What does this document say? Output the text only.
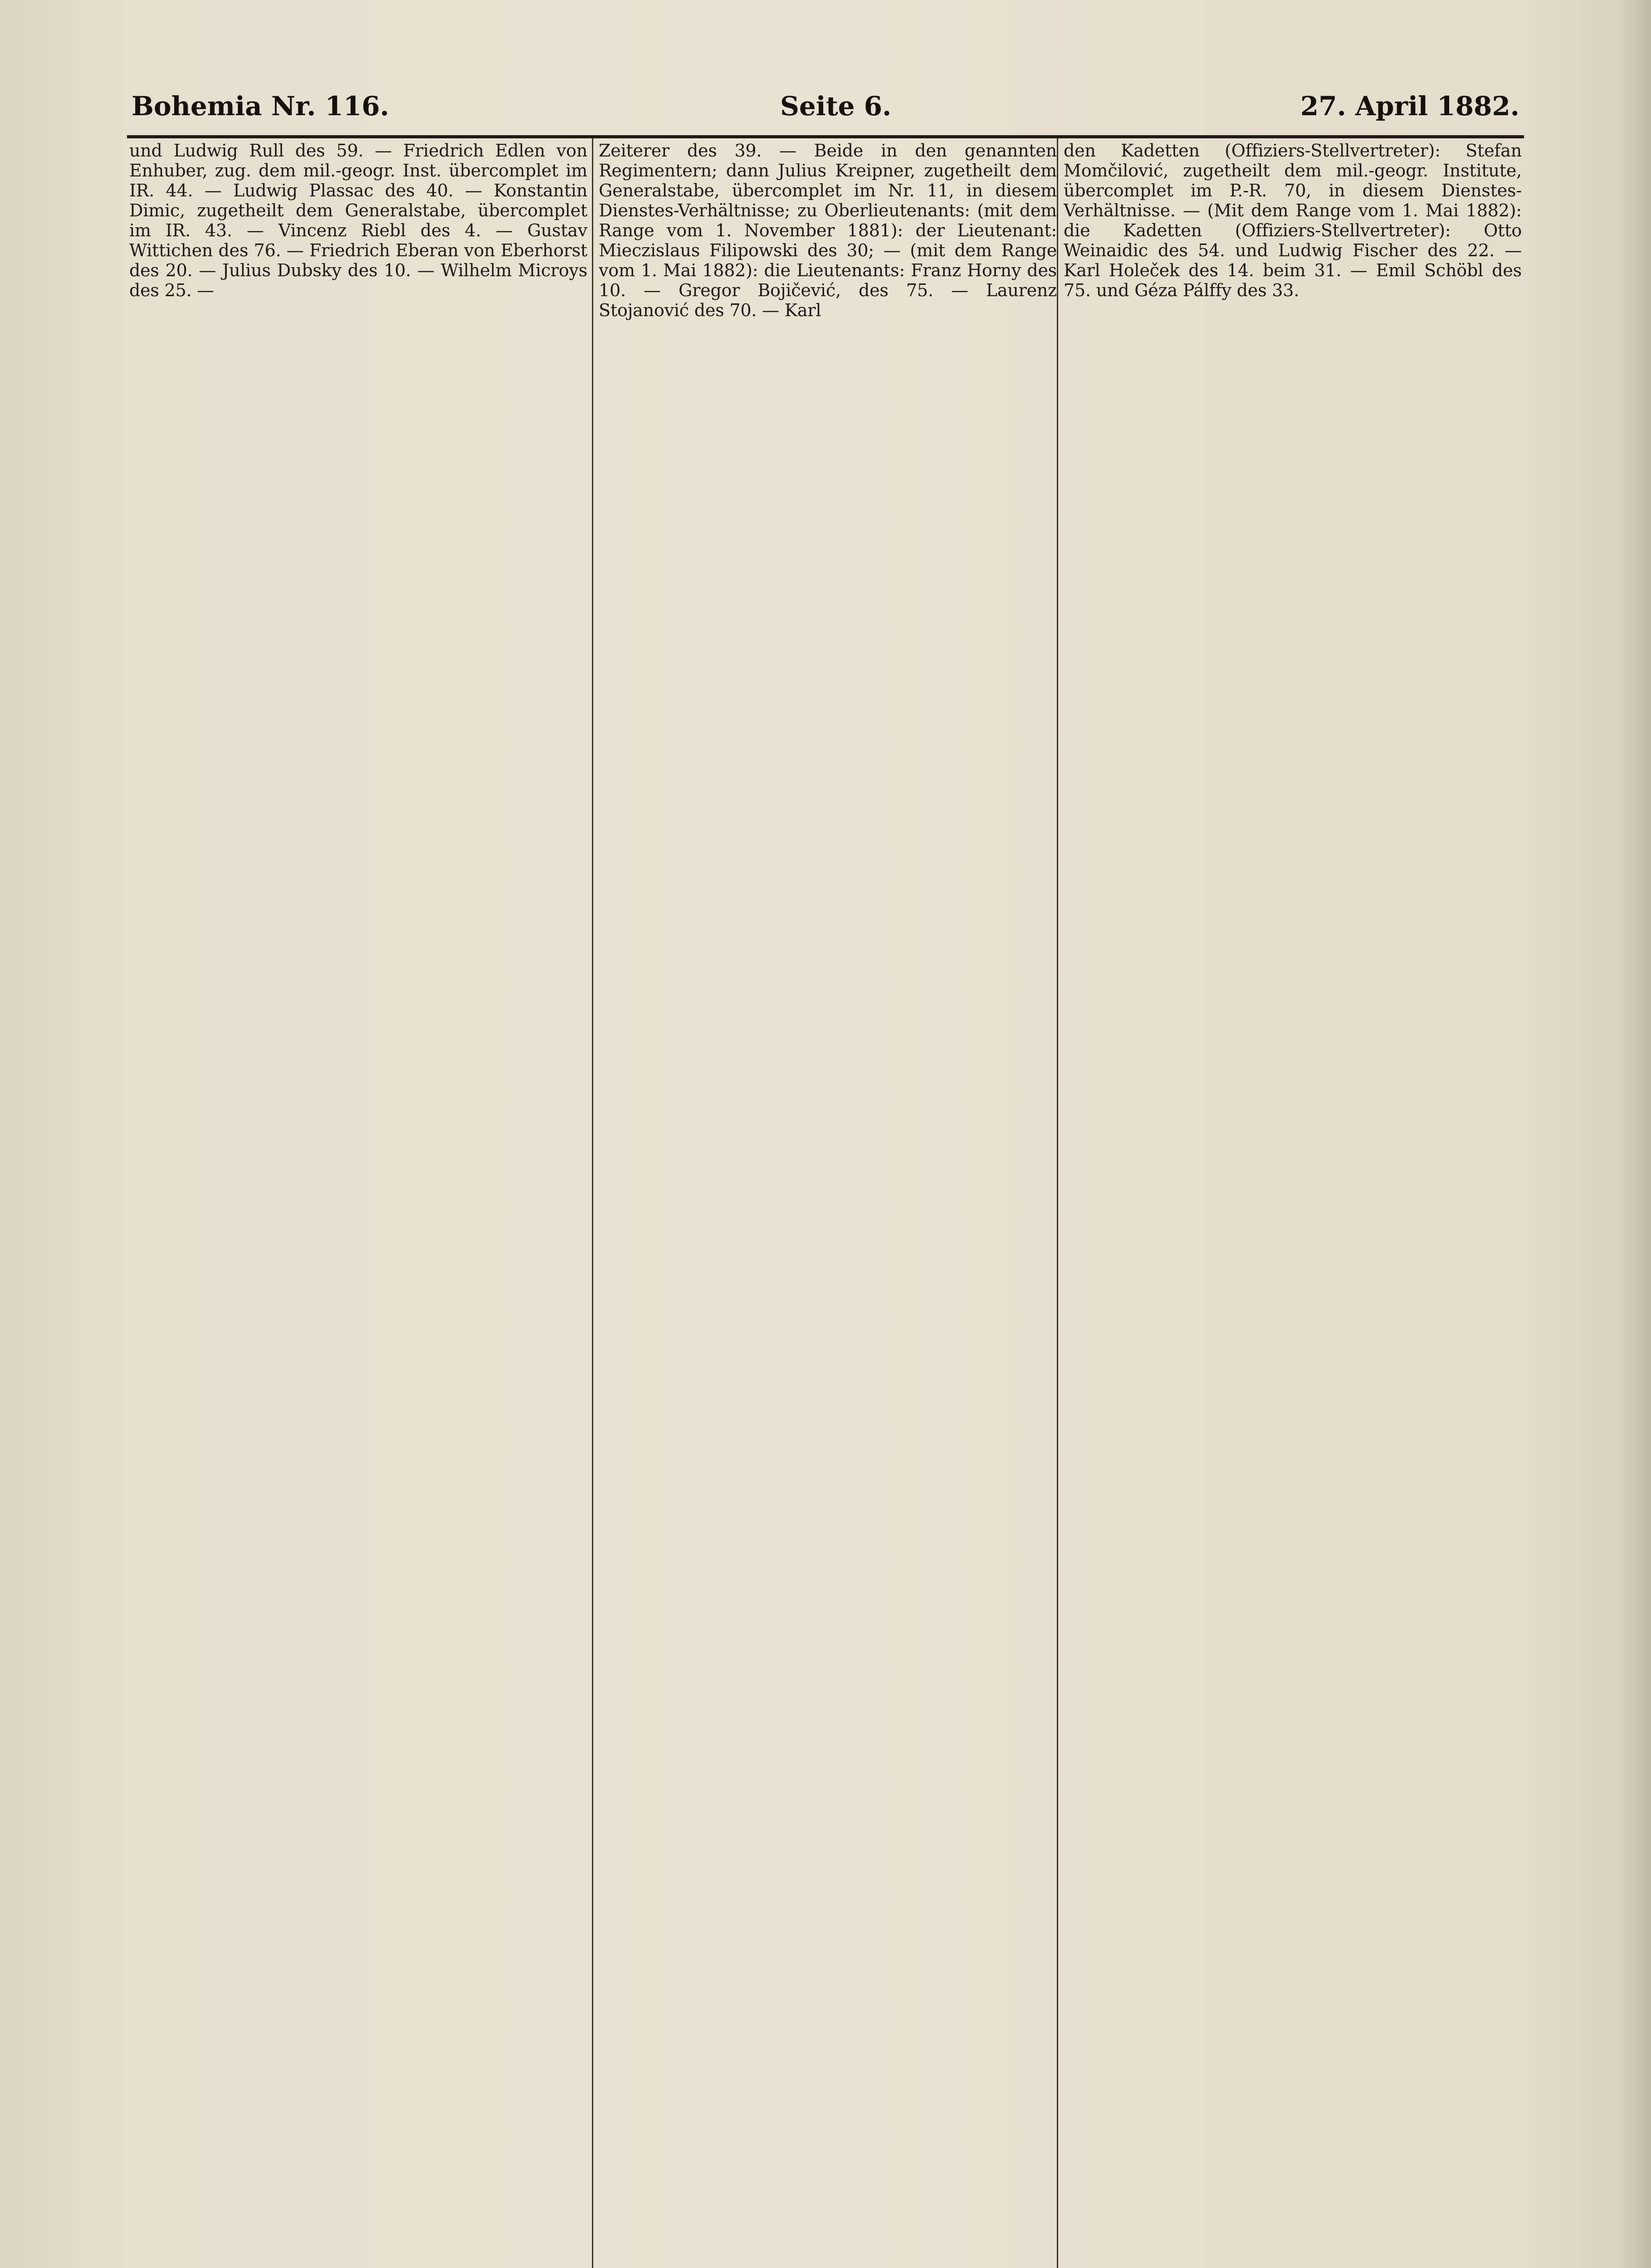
Bohemia Nr. 116.	Seite 6.	27. April 1882.

und Ludwig Rull des 59. — Friedrich Edlen von Enhuber, zug. dem mil.-geogr. Inst. übercomplet im IR. 44. — Ludwig Plassac des 40. — Konstantin Dimic, zugetheilt dem Generalstabe, übercomplet im IR. 43. — Vincenz Riebl des 4. — Gustav Wittichen des 76. — Friedrich Eberan von Eberhorst des 20. — Julius Dubsky des 10. — Wilhelm Microys des 25. —

Zeiterer des 39. — Beide in den genannten Regimentern; dann Julius Kreipner, zugetheilt dem Generalstabe, übercomplet im Nr. 11, in diesem Dienstes-Verhältnisse; zu Oberlieutenants: (mit dem Range vom 1. November 1881): der Lieutenant: Mieczislaus Filipowski des 30; — (mit dem Range vom 1. Mai 1882): die Lieutenants: Franz Horny des 10. — Gregor Bojičević, des 75. — Laurenz Stojanović des 70. — Karl

den Kadetten (Offiziers-Stellvertreter): Stefan Momčilović, zugetheilt dem mil.-geogr. Institute, übercomplet im P.-R. 70, in diesem Dienstes-Verhältnisse. — (Mit dem Range vom 1. Mai 1882): die Kadetten (Offiziers-Stellvertreter): Otto Weinaidic des 54. und Ludwig Fischer des 22. — Karl Holeček des 14. beim 31. — Emil Schöbl des 75. und Géza Pálffy des 33.
